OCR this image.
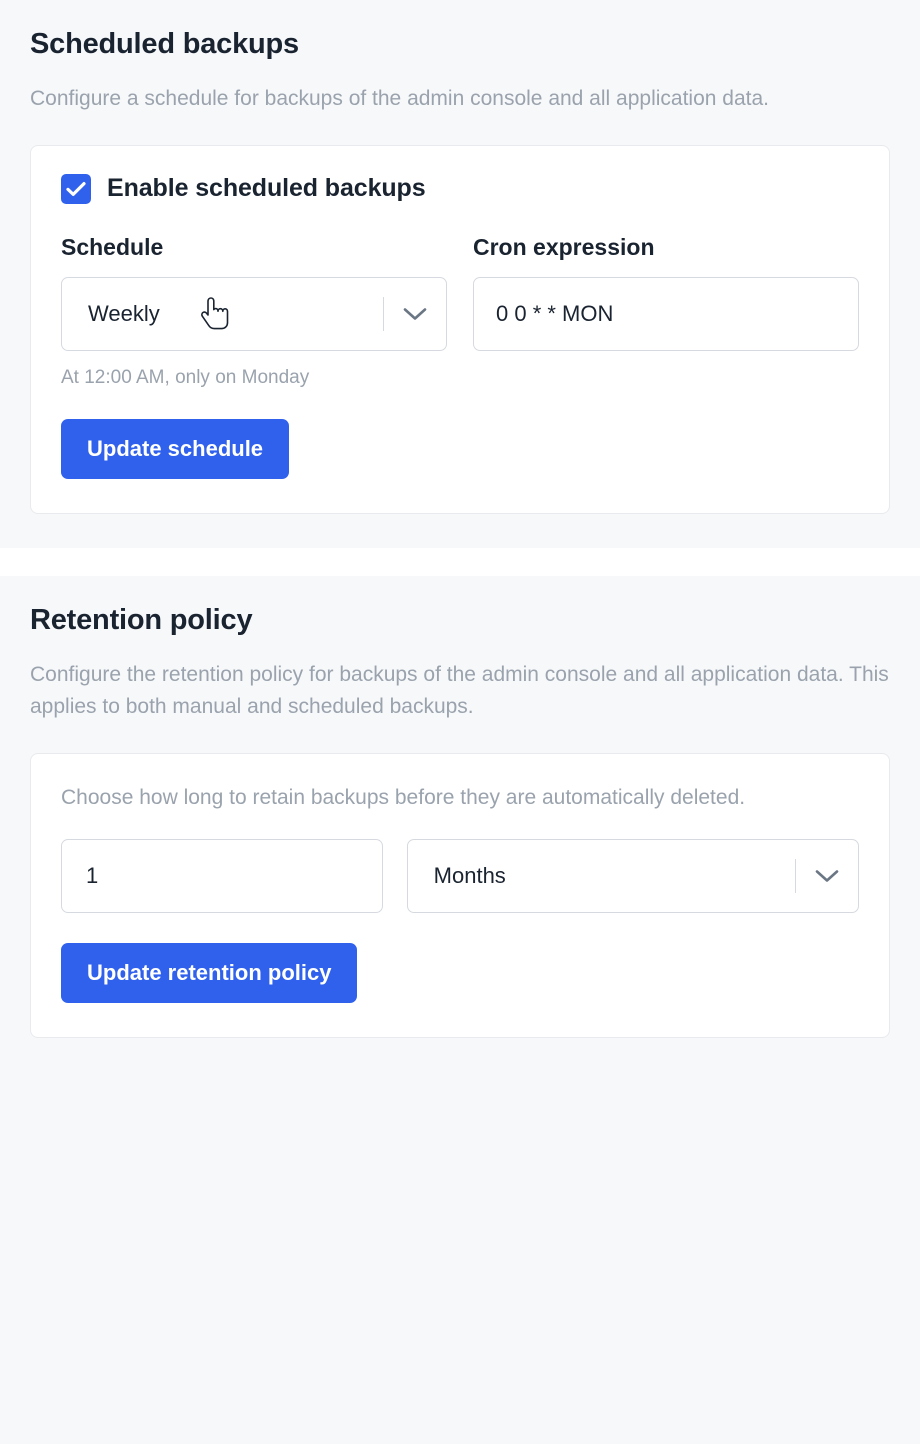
Scheduled backups

Configure a schedule for backups of the admin console and all application data.

Enable scheduled backups
Schedule
Weekly

At 12:00 AM, only on Monday

Cron expression
0 0 * * MON
Update schedule
Retention policy

Configure the retention policy for backups of the admin console and all application data. This applies to both manual and scheduled backups.

Choose how long to retain backups before they are automatically deleted.

1	Months
Update retention policy
